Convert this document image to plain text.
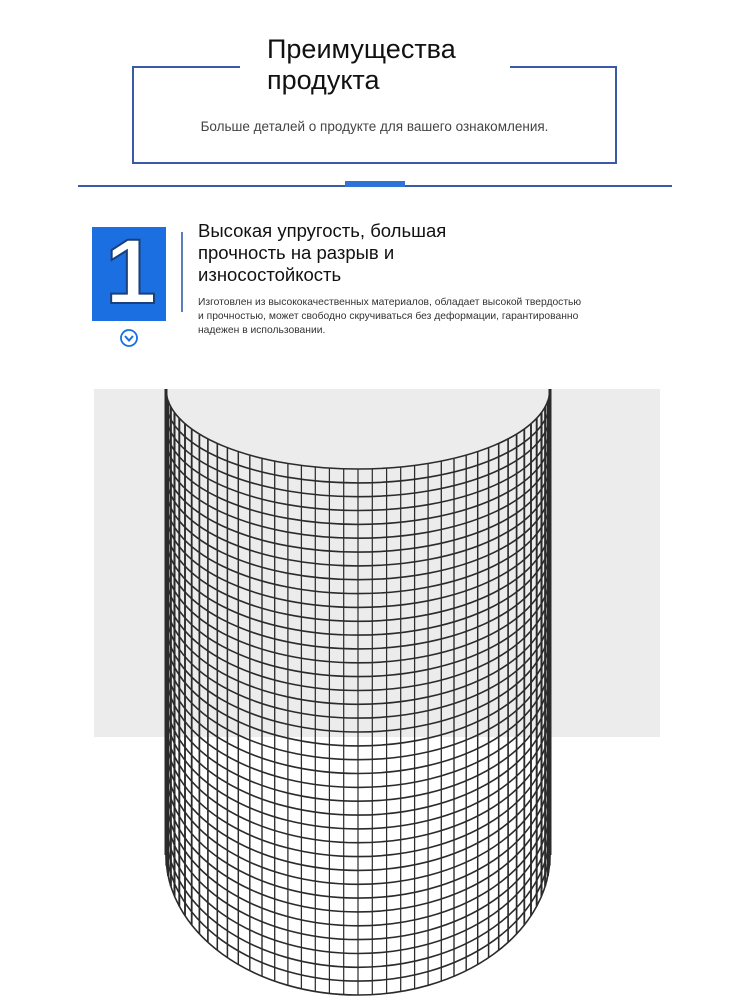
Преимущества продукта

Больше деталей о продукте для вашего ознакомления.

1 Высокая упругость, большая прочность на разрыв и износостойкость

Изготовлен из высококачественных материалов, обладает высокой твердостью и прочностью, может свободно скручиваться без деформации, гарантированно надежен в использовании.
